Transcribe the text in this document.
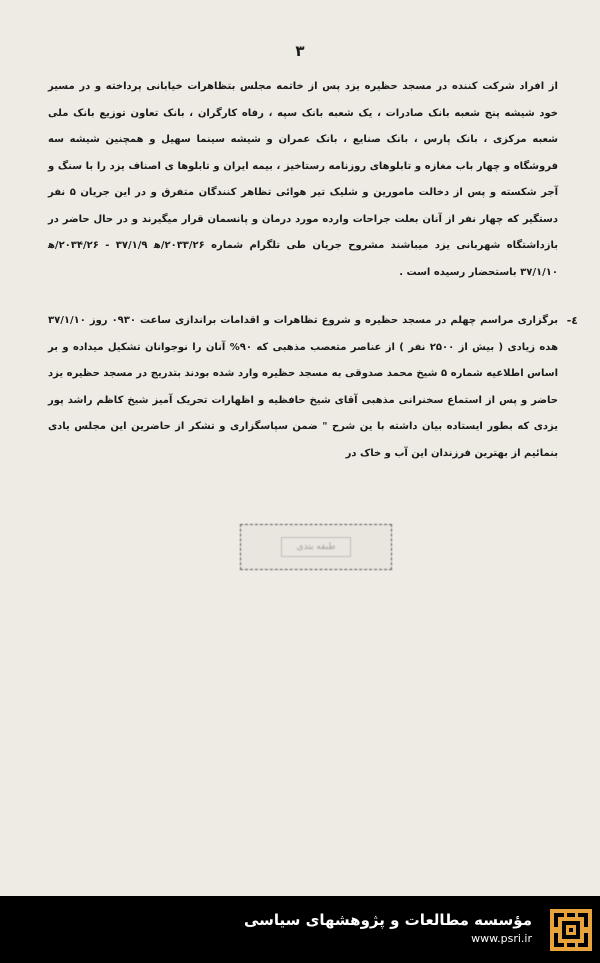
٣

از افراد شرکت کننده در مسجد حظیره یزد پس از خاتمه مجلس بتظاهرات خیابانی پرداخته و در مسیر خود شیشه پنج شعبه بانک صادرات ، یک شعبه بانک سپه ، رفاه کارگران ، بانک تعاون توزیع بانک ملی شعبه مرکزی ، بانک پارس ، بانک صنایع ، بانک عمران و شیشه سینما سهیل و همچنین شیشه سه فروشگاه و چهار باب مغازه و تابلوهای روزنامه رستاخیز ، بیمه ایران و تابلوها ی اصناف یزد را با سنگ و آجر شکسته و پس از دخالت مامورین و شلیک تیر هوائی تظاهر کنندگان متفرق و در این جریان ۵ نفر دستگیر که چهار نفر از آنان بعلت جراحات وارده مورد درمان و پانسمان قرار میگیرند و در حال حاضر در بازداشتگاه شهربانی یزد میباشند مشروح جریان طی تلگرام شماره ۲۰۳۳/۲۶/ه‍ ۳۷/۱/۹ - ۲۰۳۴/۲۶/ه‍ ۳۷/۱/۱۰ باستحضار رسیده است .

٤-

برگزاری مراسم چهلم در مسجد حظیره و شروع تظاهرات و اقدامات براندازی ساعت ۰۹۳۰ روز ۳۷/۱/۱۰ هده زیادی ( بیش از ۲۵۰۰ نفر ) از عناصر متعصب مذهبی که ۹۰% آنان را نوجوانان تشکیل میداده و بر اساس اطلاعیه شماره ۵ شیخ محمد صدوقی به مسجد حظیره وارد شده بودند بتدریج در مسجد حظیره یزد حاضر و پس از استماع سخنرانی مذهبی آقای شیخ حافظیه و اظهارات تحریک آمیز شیخ کاظم راشد پور یزدی که بطور ایستاده بیان داشته با ین شرح " ضمن سپاسگزاری و تشکر از حاضرین این مجلس یادی بنمائیم از بهترین فرزندان این آب و خاک در

طبقه بندی
مؤسسه مطالعات و پژوهشهای سیاسی
www.psri.ir
